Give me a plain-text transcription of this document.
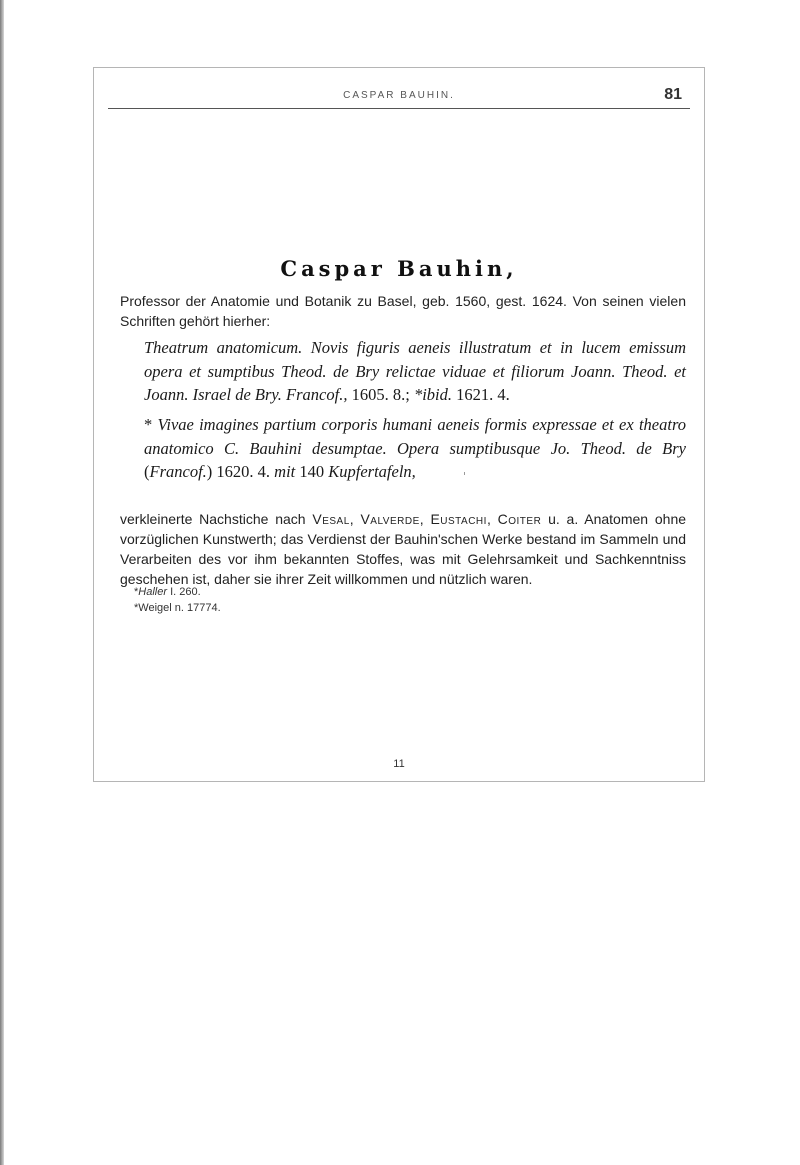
CASPAR BAUHIN.	81
Caspar Bauhin,
Professor der Anatomie und Botanik zu Basel, geb. 1560, gest. 1624. Von seinen vielen Schriften gehört hierher:
Theatrum anatomicum. Novis figuris aeneis illustratum et in lucem emissum opera et sumptibus Theod. de Bry relictae viduae et filiorum Joann. Theod. et Joann. Israel de Bry. Francof., 1605. 8.; *ibid. 1621. 4.
* Vivae imagines partium corporis humani aeneis formis expressae et ex theatro anatomico C. Bauhini desumptae. Opera sumptibusque Jo. Theod. de Bry (Francof.) 1620. 4. mit 140 Kupfertafeln,
verkleinerte Nachstiche nach Vesal, Valverde, Eustachi, Coiter u. a. Anatomen ohne vorzüglichen Kunstwerth; das Verdienst der Bauhin'schen Werke bestand im Sammeln und Verarbeiten des vor ihm bekannten Stoffes, was mit Gelehrsamkeit und Sachkenntniss geschehen ist, daher sie ihrer Zeit willkommen und nützlich waren.
*Haller I. 260.
*Weigel n. 17774.
11
